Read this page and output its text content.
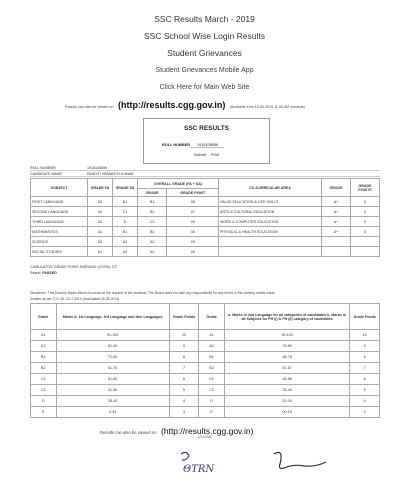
SSC Results March - 2019
SSC School Wise Login Results
Student Grievances
Student Grievances Mobile App
Click Here for Main Web Site
Results can also be viewed on (http://results.cgg.gov.in) (Available from 15-05-2019 11:30 AM onwards)
SSC RESULTS
ROLL NUMBER 1915106559
Submit Print
ROLL NUMBER	1915106559
CANDIDATE NAME	PANDITI HEMANTH KUMAR
SUBJECT	GRADE FA	GRADE SA	OVERALL GRADE (FA + SA)		CO-CURRICULAR AREA	GRADE	GRADE POINTS
			GRADE	GRADE POINT			
FIRST LANGUAGE	A2	B1	B1	08	VALUE EDUCATION & LIFE SKILLS	A+	5
SECOND LANGUAGE	A2	C1	B2	07	ARTS & CULTURAL EDUCATION	A+	5
THIRD LANGUAGE	A2	D	C2	05	WORK & COMPUTER EDUCATION	A+	5
MATHEMATICS	A1	B1	B1	08	PHYSICAL & HEALTH EDUCATION	A+	5
SCIENCE	A2	A2	A2	09			
SOCIAL STUDIES	A1	A2	A2	09			
CUMULATIVE GRADE POINT AVERAGE (CGPA): 7.7
Result: PASSED
Disclaimer: This Dummy Marks Memo is issued at the request of the students. The Board does not take any responsibility for any errors in this dummy marks sheet.
Grades as per G.O. 59, 22-7-2014 (read dated 26-08-2014)
Grade	Marks in 1st Language, 3rd Language and Non Languages	Grade Points	Grade	a. Marks in 2nd Language for all categories of candidates b. Marks in all Subjects for PH (I) & PH (II) category of candidates	Grade Points
A1	91-100	10	A1	90-100	10
A2	81-90	9	A2	79-89	9
B1	71-80	8	B1	68-78	8
B2	61-70	7	B2	57-67	7
C1	51-60	6	C1	46-56	6
C2	41-50	5	C2	35-45	5
D	35-40	4	D	20-34	4
E	0-34	3	E	00-19	3
Results can also be viewed on (http://results.cgg.gov.in)
1/1/2/3/4
ΘTRN
